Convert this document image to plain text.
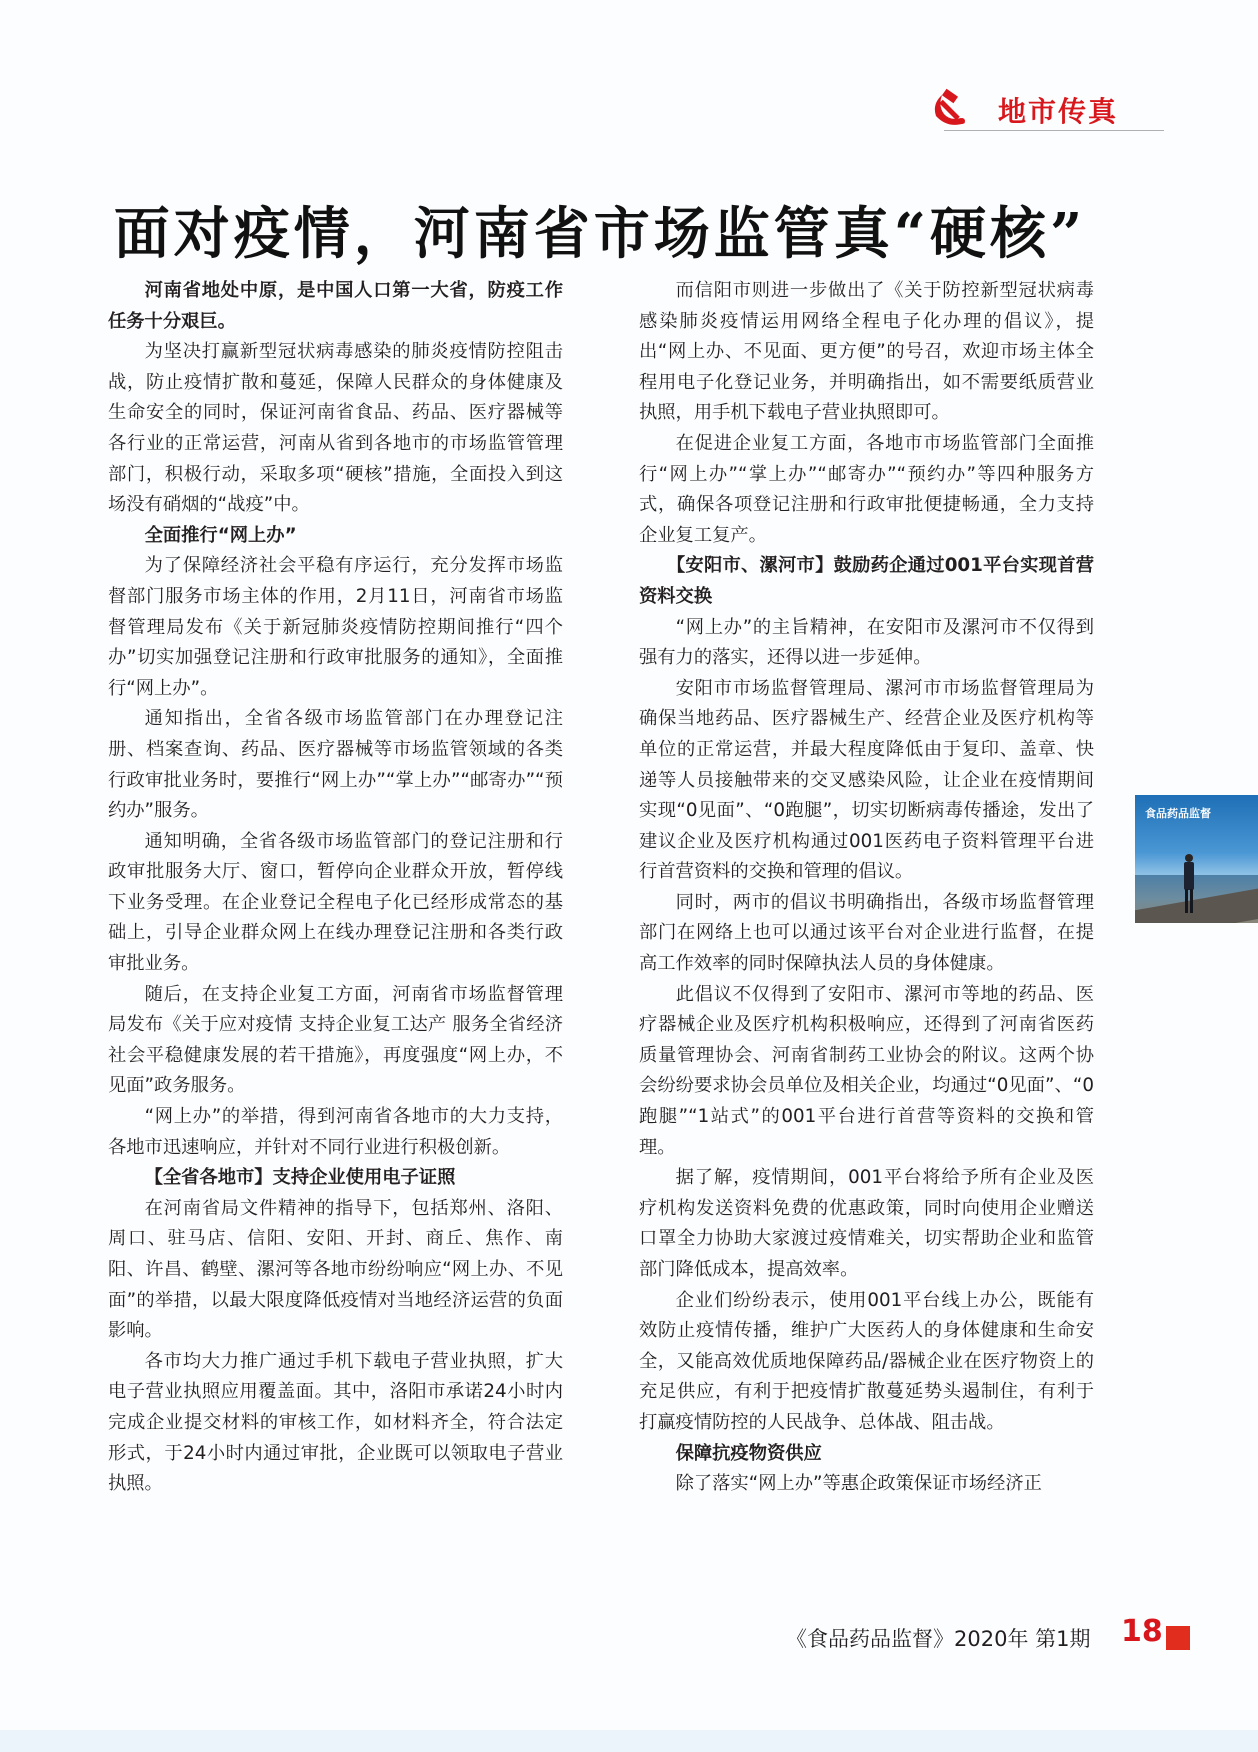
地市传真
面对疫情，河南省市场监管真“硬核”

河南省地处中原，是中国人口第一大省，防疫工作任务十分艰巨。

为坚决打赢新型冠状病毒感染的肺炎疫情防控阻击战，防止疫情扩散和蔓延，保障人民群众的身体健康及生命安全的同时，保证河南省食品、药品、医疗器械等各行业的正常运营，河南从省到各地市的市场监管管理部门，积极行动，采取多项“硬核”措施，全面投入到这场没有硝烟的“战疫”中。

全面推行“网上办”

为了保障经济社会平稳有序运行，充分发挥市场监督部门服务市场主体的作用，2月11日，河南省市场监督管理局发布《关于新冠肺炎疫情防控期间推行“四个办”切实加强登记注册和行政审批服务的通知》，全面推行“网上办”。

通知指出，全省各级市场监管部门在办理登记注册、档案查询、药品、医疗器械等市场监管领域的各类行政审批业务时，要推行“网上办”“掌上办”“邮寄办”“预约办”服务。

通知明确，全省各级市场监管部门的登记注册和行政审批服务大厅、窗口，暂停向企业群众开放，暂停线下业务受理。在企业登记全程电子化已经形成常态的基础上，引导企业群众网上在线办理登记注册和各类行政审批业务。

随后，在支持企业复工方面，河南省市场监督管理局发布《关于应对疫情 支持企业复工达产 服务全省经济社会平稳健康发展的若干措施》，再度强度“网上办，不见面”政务服务。

“网上办”的举措，得到河南省各地市的大力支持，各地市迅速响应，并针对不同行业进行积极创新。

【全省各地市】支持企业使用电子证照

在河南省局文件精神的指导下，包括郑州、洛阳、周口、驻马店、信阳、安阳、开封、商丘、焦作、南阳、许昌、鹤壁、漯河等各地市纷纷响应“网上办、不见面”的举措，以最大限度降低疫情对当地经济运营的负面影响。

各市均大力推广通过手机下载电子营业执照，扩大电子营业执照应用覆盖面。其中，洛阳市承诺24小时内完成企业提交材料的审核工作，如材料齐全，符合法定形式，于24小时内通过审批，企业既可以领取电子营业执照。

而信阳市则进一步做出了《关于防控新型冠状病毒感染肺炎疫情运用网络全程电子化办理的倡议》，提出“网上办、不见面、更方便”的号召，欢迎市场主体全程用电子化登记业务，并明确指出，如不需要纸质营业执照，用手机下载电子营业执照即可。

在促进企业复工方面，各地市市场监管部门全面推行“网上办”“掌上办”“邮寄办”“预约办”等四种服务方式，确保各项登记注册和行政审批便捷畅通，全力支持企业复工复产。

　　【安阳市、漯河市】鼓励药企通过001平台实现首营资料交换

“网上办”的主旨精神，在安阳市及漯河市不仅得到强有力的落实，还得以进一步延伸。

安阳市市场监督管理局、漯河市市场监督管理局为确保当地药品、医疗器械生产、经营企业及医疗机构等单位的正常运营，并最大程度降低由于复印、盖章、快递等人员接触带来的交叉感染风险，让企业在疫情期间实现“0见面”、“0跑腿”，切实切断病毒传播途，发出了建议企业及医疗机构通过001医药电子资料管理平台进行首营资料的交换和管理的倡议。

同时，两市的倡议书明确指出，各级市场监督管理部门在网络上也可以通过该平台对企业进行监督，在提高工作效率的同时保障执法人员的身体健康。

此倡议不仅得到了安阳市、漯河市等地的药品、医疗器械企业及医疗机构积极响应，还得到了河南省医药质量管理协会、河南省制药工业协会的附议。这两个协会纷纷要求协会员单位及相关企业，均通过“0见面”、“0跑腿”“1站式”的001平台进行首营等资料的交换和管理。

据了解，疫情期间，001平台将给予所有企业及医疗机构发送资料免费的优惠政策，同时向使用企业赠送口罩全力协助大家渡过疫情难关，切实帮助企业和监管部门降低成本，提高效率。

企业们纷纷表示，使用001平台线上办公，既能有效防止疫情传播，维护广大医药人的身体健康和生命安全，又能高效优质地保障药品/器械企业在医疗物资上的充足供应，有利于把疫情扩散蔓延势头遏制住，有利于打赢疫情防控的人民战争、总体战、阻击战。

保障抗疫物资供应

除了落实“网上办”等惠企政策保证市场经济正

食品药品监督
《食品药品监督》2020年 第1期 18
